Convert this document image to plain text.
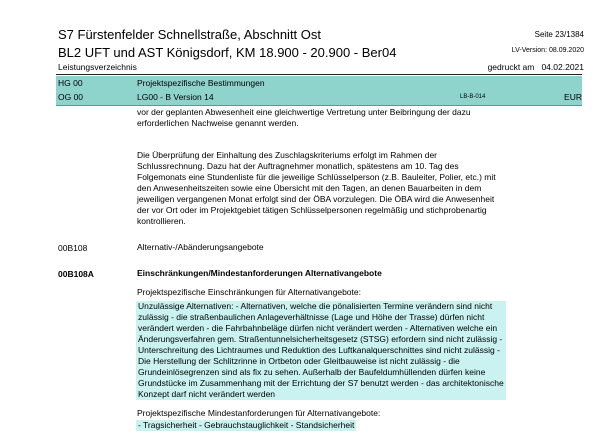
S7 Fürstenfelder Schnellstraße, Abschnitt Ost	Seite 23/1384
BL2 UFT und AST Königsdorf, KM 18.900 - 20.900 - Ber04	LV-Version: 08.09.2020
Leistungsverzeichnis	gedruckt am 04.02.2021
HG 00	Projektspezifische Bestimmungen
OG 00	LG00 - B Version 14	LB-B-014	EUR
vor der geplanten Abwesenheit eine gleichwertige Vertretung unter Beibringung der dazu
erforderlichen Nachweise genannt werden.
Die Überprüfung der Einhaltung des Zuschlagskriteriums erfolgt im Rahmen der
Schlussrechnung. Dazu hat der Auftragnehmer monatlich, spätestens am 10. Tag des
Folgemonats eine Stundenliste für die jeweilige Schlüsselperson (z.B. Bauleiter, Polier, etc.) mit
den Anwesenheitszeiten sowie eine Übersicht mit den Tagen, an denen Bauarbeiten in dem
jeweiligen vergangenen Monat erfolgt sind der ÖBA vorzulegen. Die ÖBA wird die Anwesenheit
der vor Ort oder im Projektgebiet tätigen Schlüsselpersonen regelmäßig und stichprobenartig
kontrollieren.
00B108	Alternativ-/Abänderungsangebote
00B108A	Einschränkungen/Mindestanforderungen Alternativangebote
Projektspezifische Einschränkungen für Alternativangebote:
Unzulässige Alternativen: - Alternativen, welche die pönalisierten Termine verändern sind nicht
zulässig - die straßenbaulichen Anlageverhältnisse (Lage und Höhe der Trasse) dürfen nicht
verändert werden - die Fahrbahnbeläge dürfen nicht verändert werden - Alternativen welche ein
Änderungsverfahren gem. Straßentunnelsicherheitsgesetz (STSG) erfordern sind nicht zulässig -
Unterschreitung des Lichtraumes und Reduktion des Luftkanalquerschnittes sind nicht zulässig -
Die Herstellung der Schlitzrinne in Ortbeton oder Gleitbauweise ist nicht zulässig - die
Grundeinlösegrenzen sind als fix zu sehen. Außerhalb der Baufeldumhüllenden dürfen keine
Grundstücke im Zusammenhang mit der Errichtung der S7 benutzt werden - das architektonische
Konzept darf nicht verändert werden
Projektspezifische Mindestanforderungen für Alternativangebote:
- Tragsicherheit - Gebrauchstauglichkeit - Standsicherheit
